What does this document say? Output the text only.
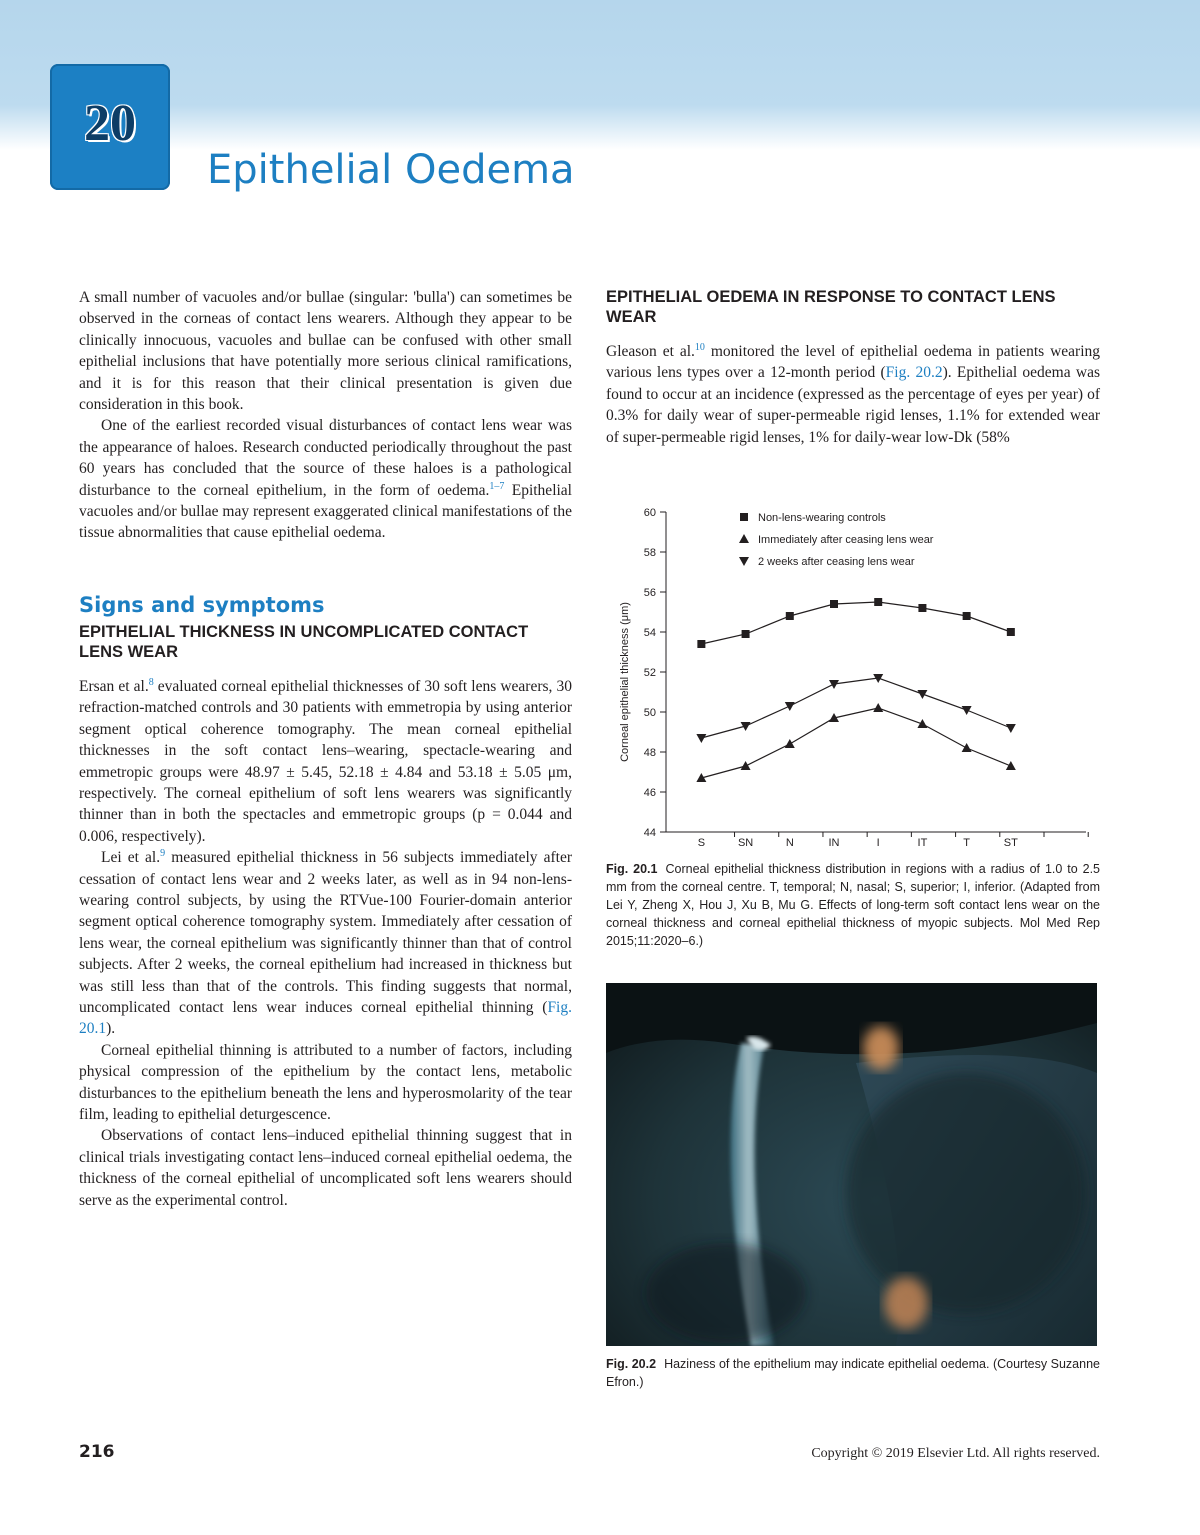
20
Epithelial Oedema

A small number of vacuoles and/or bullae (singular: 'bulla') can sometimes be observed in the corneas of contact lens wearers. Although they appear to be clinically innocuous, vacuoles and bullae can be confused with other small epithelial inclusions that have potentially more serious clinical ramifications, and it is for this reason that their clinical presentation is given due consideration in this book.

One of the earliest recorded visual disturbances of contact lens wear was the appearance of haloes. Research conducted periodically throughout the past 60 years has concluded that the source of these haloes is a pathological disturbance to the corneal epithelium, in the form of oedema.$^{1-7}$ Epithelial vacuoles and/or bullae may represent exaggerated clinical manifestations of the tissue abnormalities that cause epithelial oedema.

Signs and symptoms
EPITHELIAL THICKNESS IN UNCOMPLICATED CONTACT LENS WEAR

Ersan et al.$^8$ evaluated corneal epithelial thicknesses of 30 soft lens wearers, 30 refraction-matched controls and 30 patients with emmetropia by using anterior segment optical coherence tomography. The mean corneal epithelial thicknesses in the soft contact lens–wearing, spectacle-wearing and emmetropic groups were 48.97 ± 5.45, 52.18 ± 4.84 and 53.18 ± 5.05 μm, respectively. The corneal epithelium of soft lens wearers was significantly thinner than in both the spectacles and emmetropic groups (p = 0.044 and 0.006, respectively).

Lei et al.$^9$ measured epithelial thickness in 56 subjects immediately after cessation of contact lens wear and 2 weeks later, as well as in 94 non-lens-wearing control subjects, by using the RTVue-100 Fourier-domain anterior segment optical coherence tomography system. Immediately after cessation of lens wear, the corneal epithelium was significantly thinner than that of control subjects. After 2 weeks, the corneal epithelium had increased in thickness but was still less than that of the controls. This finding suggests that normal, uncomplicated contact lens wear induces corneal epithelial thinning (Fig. 20.1).

Corneal epithelial thinning is attributed to a number of factors, including physical compression of the epithelium by the contact lens, metabolic disturbances to the epithelium beneath the lens and hyperosmolarity of the tear film, leading to epithelial deturgescence.

Observations of contact lens–induced epithelial thinning suggest that in clinical trials investigating contact lens–induced corneal epithelial oedema, the thickness of the corneal epithelial of uncomplicated soft lens wearers should serve as the experimental control.

EPITHELIAL OEDEMA IN RESPONSE TO CONTACT LENS WEAR

Gleason et al.$^{10}$ monitored the level of epithelial oedema in patients wearing various lens types over a 12-month period (Fig. 20.2). Epithelial oedema was found to occur at an incidence (expressed as the percentage of eyes per year) of 0.3% for daily wear of super-permeable rigid lenses, 1.1% for extended wear of super-permeable rigid lenses, 1% for daily-wear low-Dk (58%

44
46
48
50
52
54
56
58
60
S	SN	N	IN	I	IT	T	ST
Corneal epithelial thickness (μm)
Non-lens-wearing controls
Immediately after ceasing lens wear
2 weeks after ceasing lens wear
Fig. 20.1 Corneal epithelial thickness distribution in regions with a radius of 1.0 to 2.5 mm from the corneal centre. T, temporal; N, nasal; S, superior; I, inferior. (Adapted from Lei Y, Zheng X, Hou J, Xu B, Mu G. Effects of long-term soft contact lens wear on the corneal thickness and corneal epithelial thickness of myopic subjects. Mol Med Rep 2015;11:2020–6.)
Fig. 20.2 Haziness of the epithelium may indicate epithelial oedema. (Courtesy Suzanne Efron.)
216	Copyright © 2019 Elsevier Ltd. All rights reserved.
